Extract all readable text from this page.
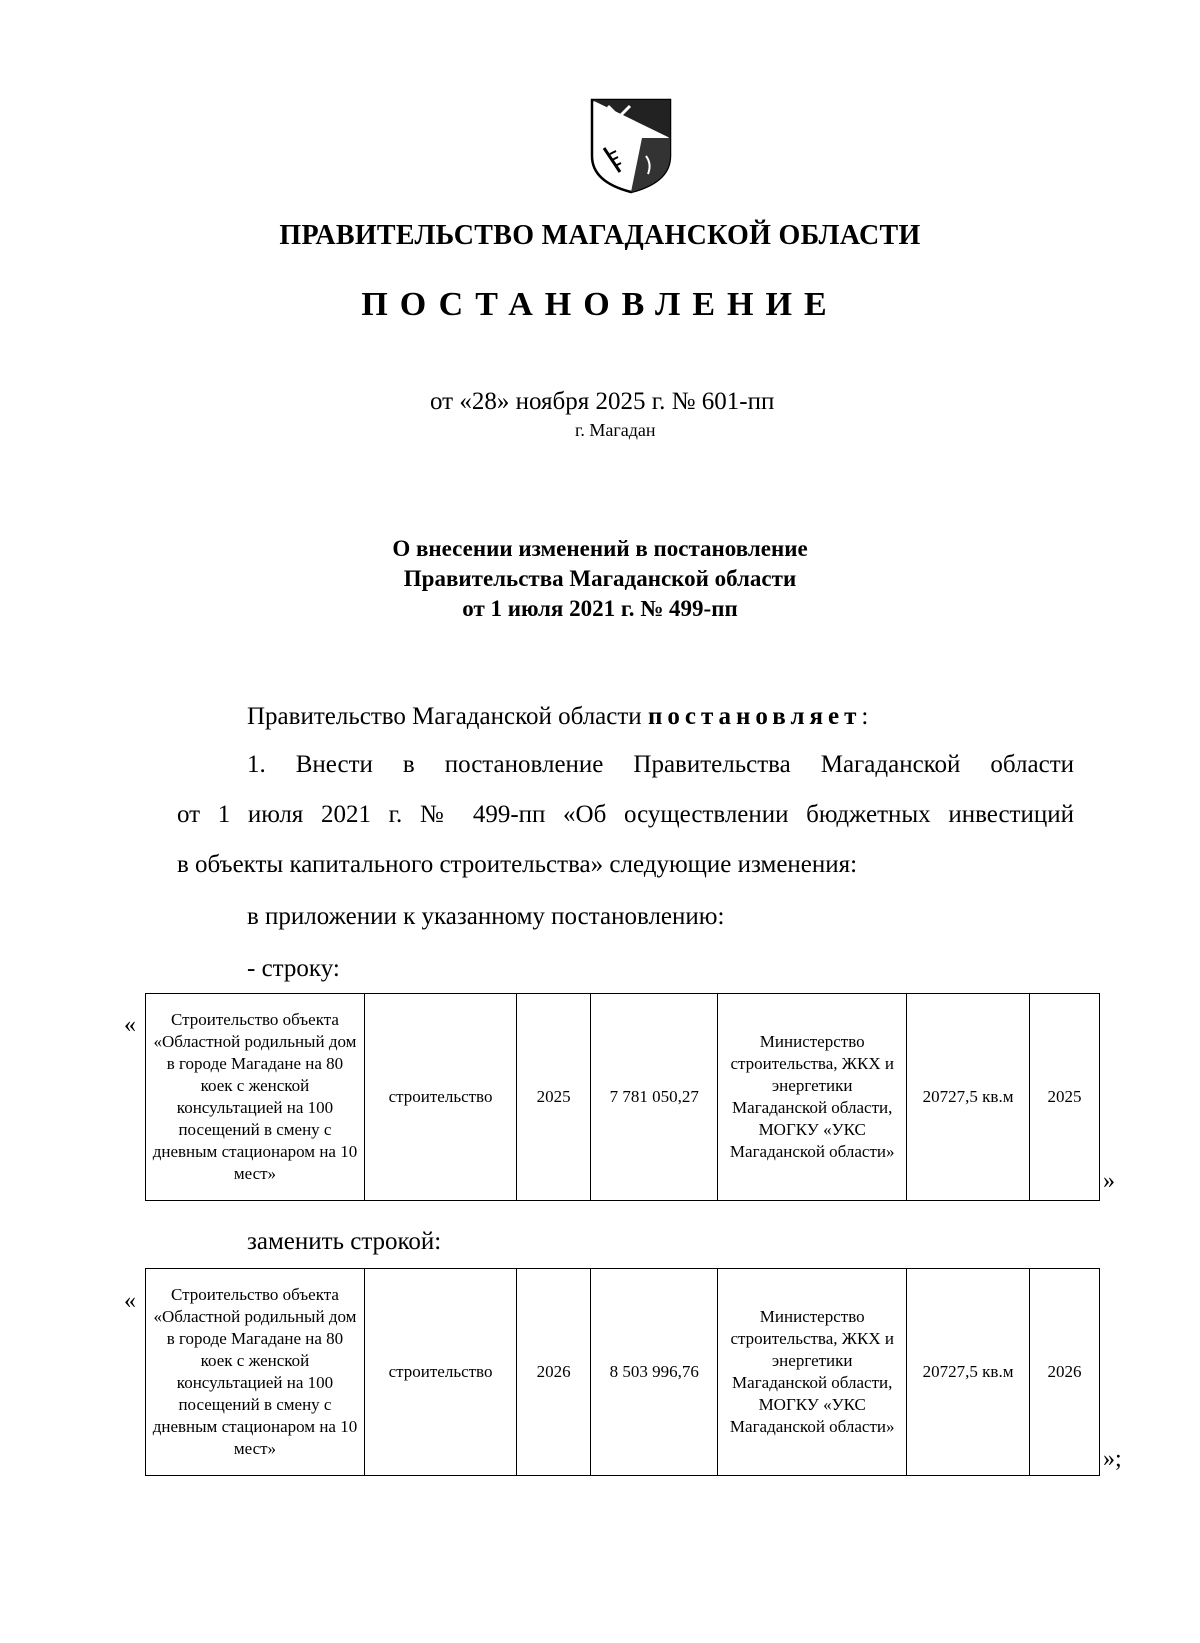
ПРАВИТЕЛЬСТВО МАГАДАНСКОЙ ОБЛАСТИ
ПОСТАНОВЛЕНИЕ
от «28» ноября 2025 г. № 601-пп
г. Магадан
О внесении изменений в постановление
Правительства Магаданской области
от 1 июля 2021 г. № 499-пп
Правительство Магаданской области постановляет:
1. Внести в постановление Правительства Магаданской области
от 1 июля 2021 г. № 499-пп «Об осуществлении бюджетных инвестиций
в объекты капитального строительства» следующие изменения:
в приложении к указанному постановлению:
- строку:
« Строительство объекта «Областной родильный дом в городе Магадане на 80 коек с женской консультацией на 100 посещений в смену с дневным стационаром на 10 мест»	строительство	2025	7 781 050,27	Министерство строительства, ЖКХ и энергетики Магаданской области, МОГКУ «УКС Магаданской области»	20727,5 кв.м	2025
»
заменить строкой:
« Строительство объекта «Областной родильный дом в городе Магадане на 80 коек с женской консультацией на 100 посещений в смену с дневным стационаром на 10 мест»	строительство	2026	8 503 996,76	Министерство строительства, ЖКХ и энергетики Магаданской области, МОГКУ «УКС Магаданской области»	20727,5 кв.м	2026
»;
